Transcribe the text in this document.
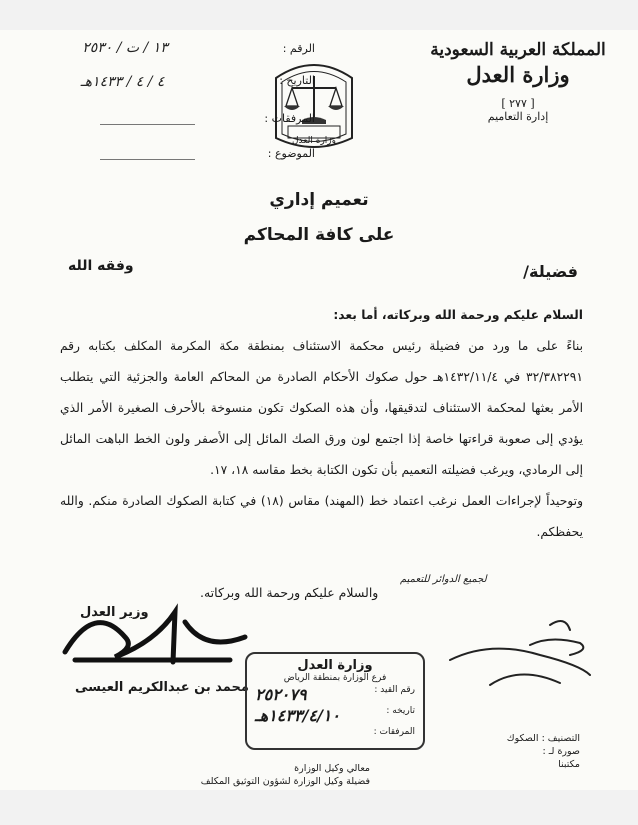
المملكة العربية السعودية
وزارة العدل
[ ٢٧٧ ]
إدارة التعاميم
وزارة العدل
الرقم :
١٣ / ت / ٢٥٣٠
التاريخ :
٤ / ٤ / ١٤٣٣هـ
المرفقات :
الموضوع :
تعميم إداري
على كافة المحاكم
فضيلة/
وفقه الله

السلام عليكم ورحمة الله وبركاته، أما بعد:

بناءً على ما ورد من فضيلة رئيس محكمة الاستئناف بمنطقة مكة المكرمة المكلف بكتابه رقم ٣٢/٣٨٢٢٩١ في ١٤٣٢/١١/٤هـ حول صكوك الأحكام الصادرة من المحاكم العامة والجزئية التي يتطلب الأمر بعثها لمحكمة الاستئناف لتدقيقها، وأن هذه الصكوك تكون منسوخة بالأحرف الصغيرة الأمر الذي يؤدي إلى صعوبة قراءتها خاصة إذا اجتمع لون ورق الصك المائل إلى الأصفر ولون الخط الباهت المائل إلى الرمادي، ويرغب فضيلته التعميم بأن تكون الكتابة بخط مقاسه ١٨، ١٧.

وتوحيداً لإجراءات العمل نرغب اعتماد خط (المهند) مقاس (١٨) في كتابة الصكوك الصادرة منكم. والله يحفظكم.

والسلام عليكم ورحمة الله وبركاته.
لجميع الدوائر للتعميم
وزير العدل
محمد بن عبدالكريم العيسى
وزارة العدل
فرع الوزارة بمنطقة الرياض
رقم القيد :
٢٥٢٠٧٩
تاريخه :
١٤٣٣/٤/١٠هـ
المرفقات :
التصنيف : الصكوك
صورة لـ :
مكتبنا
معالي وكيل الوزارة
فضيلة وكيل الوزارة لشؤون التوثيق المكلف
